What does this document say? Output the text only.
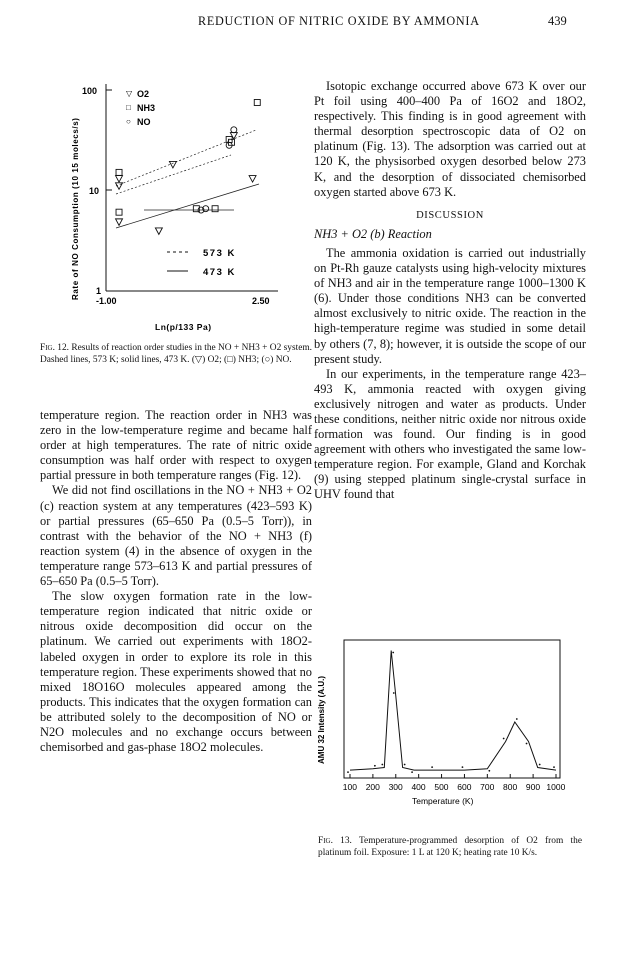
REDUCTION OF NITRIC OXIDE BY AMMONIA	439
Rate of NO Consumption (10 15 molecs/s)
100
10
1
-1.00	2.50
Ln(p/133 Pa)
▽ O2
□ NH3
○ NO
573 K
473 K
Fig. 12. Results of reaction order studies in the NO + NH3 + O2 system. Dashed lines, 573 K; solid lines, 473 K. (▽) O2; (□) NH3; (○) NO.

temperature region. The reaction order in NH3 was zero in the low-temperature regime and became half order at high temperatures. The rate of nitric oxide consumption was half order with respect to oxygen partial pressure in both temperature ranges (Fig. 12).

We did not find oscillations in the NO + NH3 + O2 (c) reaction system at any temperatures (423–593 K) or partial pressures (65–650 Pa (0.5–5 Torr)), in contrast with the behavior of the NO + NH3 (f) reaction system (4) in the absence of oxygen in the temperature range 573–613 K and partial pressures of 65–650 Pa (0.5–5 Torr).

The slow oxygen formation rate in the low-temperature region indicated that nitric oxide or nitrous oxide decomposition did occur on the platinum. We carried out experiments with 18O2-labeled oxygen in order to explore its role in this temperature region. These experiments showed that no mixed 18O16O molecules appeared among the products. This indicates that the oxygen formation can be attributed solely to the decomposition of NO or N2O molecules and no exchange occurs between chemisorbed and gas-phase 18O2 molecules.

Isotopic exchange occurred above 673 K over our Pt foil using 400–400 Pa of 16O2 and 18O2, respectively. This finding is in good agreement with thermal desorption spectroscopic data of O2 on platinum (Fig. 13). The adsorption was carried out at 120 K, the physisorbed oxygen desorbed below 273 K, and the desorption of dissociated chemisorbed oxygen started above 673 K.

DISCUSSION

NH3 + O2 (b) Reaction

The ammonia oxidation is carried out industrially on Pt-Rh gauze catalysts using high-velocity mixtures of NH3 and air in the temperature range 1000–1300 K (6). Under those conditions NH3 can be converted almost exclusively to nitric oxide. The reaction in the high-temperature regime was studied in some detail by others (7, 8); however, it is outside the scope of our present study.

In our experiments, in the temperature range 423–493 K, ammonia reacted with oxygen giving exclusively nitrogen and water as products. Under these conditions, neither nitric oxide nor nitrous oxide formation was found. Our finding is in good agreement with others who investigated the same low-temperature region. For example, Gland and Korchak (9) using stepped platinum single-crystal surface in UHV found that

AMU 32 Intensity (A.U.)
100 200 300 400 500 600 700 800 900 1000
Temperature (K)
Fig. 13. Temperature-programmed desorption of O2 from the platinum foil. Exposure: 1 L at 120 K; heating rate 10 K/s.
